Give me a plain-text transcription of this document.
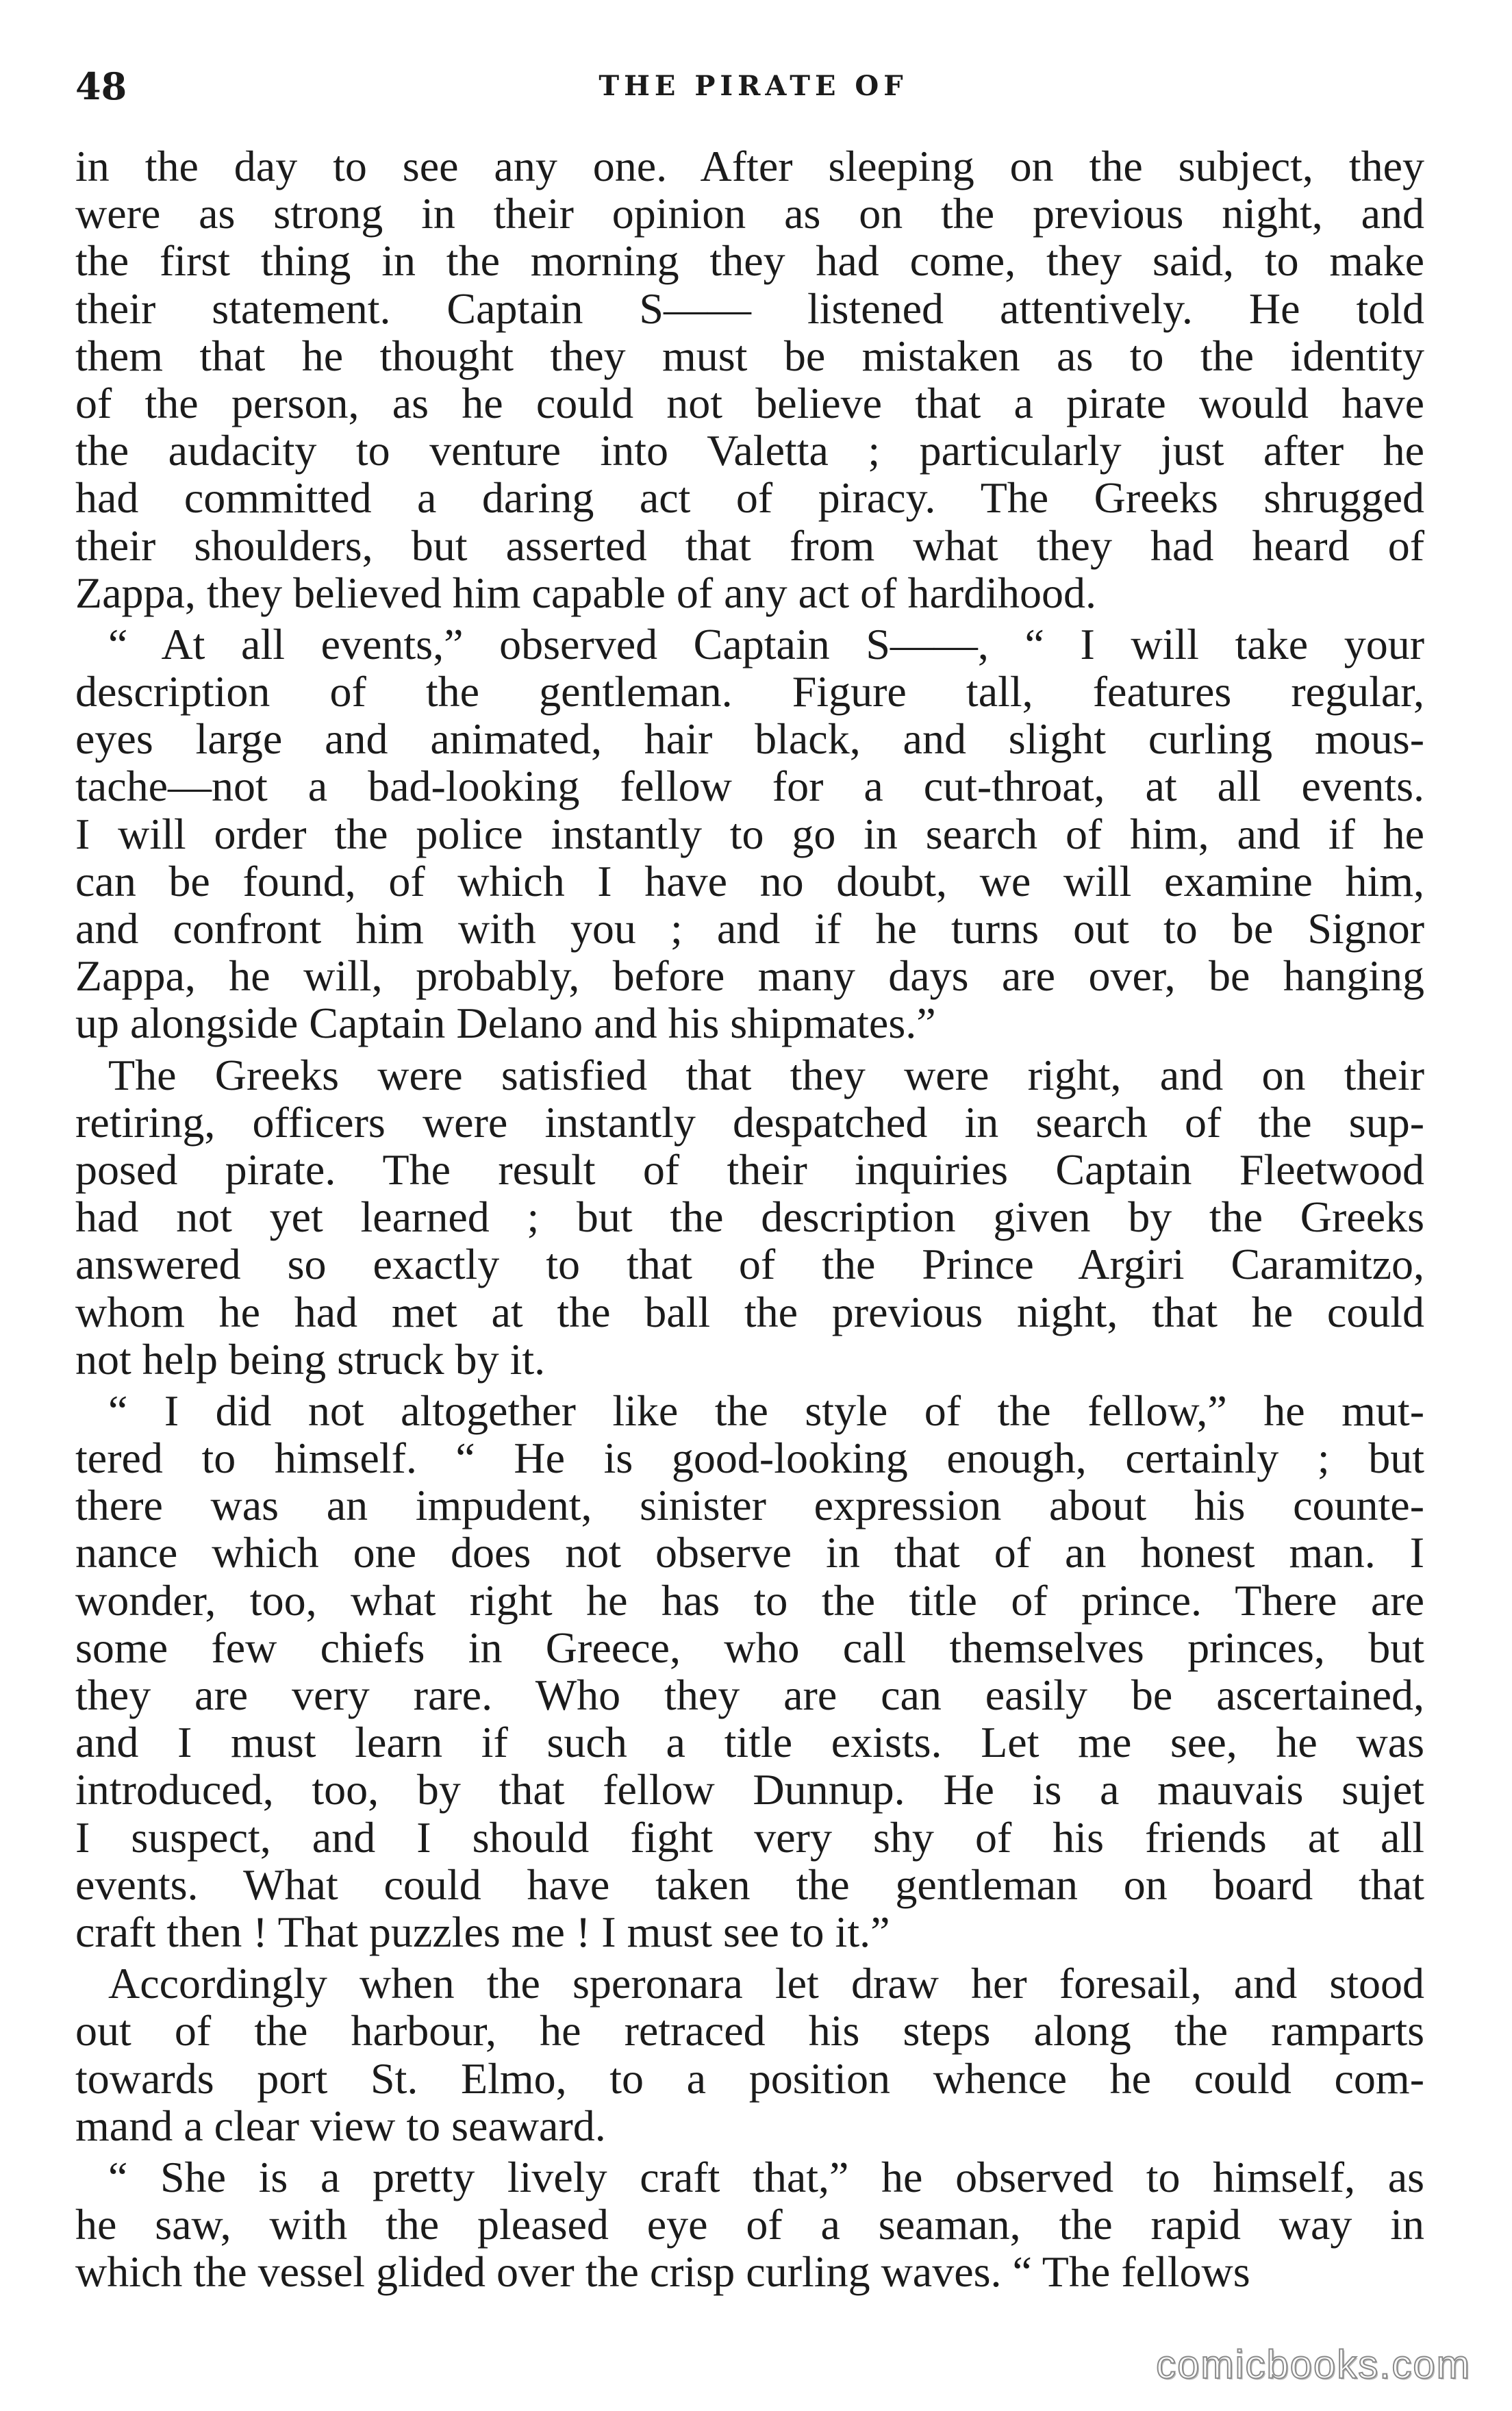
48	THE PIRATE OF
in the day to see any one. After sleeping on the subject, they
were as strong in their opinion as on the previous night, and
the first thing in the morning they had come, they said, to make
their statement. Captain S—— listened attentively. He told
them that he thought they must be mistaken as to the identity
of the person, as he could not believe that a pirate would have
the audacity to venture into Valetta ; particularly just after he
had committed a daring act of piracy. The Greeks shrugged
their shoulders, but asserted that from what they had heard of
Zappa, they believed him capable of any act of hardihood.
“ At all events,” observed Captain S——, “ I will take your
description of the gentleman. Figure tall, features regular,
eyes large and animated, hair black, and slight curling mous-
tache—not a bad-looking fellow for a cut-throat, at all events.
I will order the police instantly to go in search of him, and if he
can be found, of which I have no doubt, we will examine him,
and confront him with you ; and if he turns out to be Signor
Zappa, he will, probably, before many days are over, be hanging
up alongside Captain Delano and his shipmates.”
The Greeks were satisfied that they were right, and on their
retiring, officers were instantly despatched in search of the sup-
posed pirate. The result of their inquiries Captain Fleetwood
had not yet learned ; but the description given by the Greeks
answered so exactly to that of the Prince Argiri Caramitzo,
whom he had met at the ball the previous night, that he could
not help being struck by it.
“ I did not altogether like the style of the fellow,” he mut-
tered to himself. “ He is good-looking enough, certainly ; but
there was an impudent, sinister expression about his counte-
nance which one does not observe in that of an honest man. I
wonder, too, what right he has to the title of prince. There are
some few chiefs in Greece, who call themselves princes, but
they are very rare. Who they are can easily be ascertained,
and I must learn if such a title exists. Let me see, he was
introduced, too, by that fellow Dunnup. He is a mauvais sujet
I suspect, and I should fight very shy of his friends at all
events. What could have taken the gentleman on board that
craft then ! That puzzles me ! I must see to it.”
Accordingly when the speronara let draw her foresail, and stood
out of the harbour, he retraced his steps along the ramparts
towards port St. Elmo, to a position whence he could com-
mand a clear view to seaward.
“ She is a pretty lively craft that,” he observed to himself, as
he saw, with the pleased eye of a seaman, the rapid way in
which the vessel glided over the crisp curling waves. “ The fellows
comicbooks.com
